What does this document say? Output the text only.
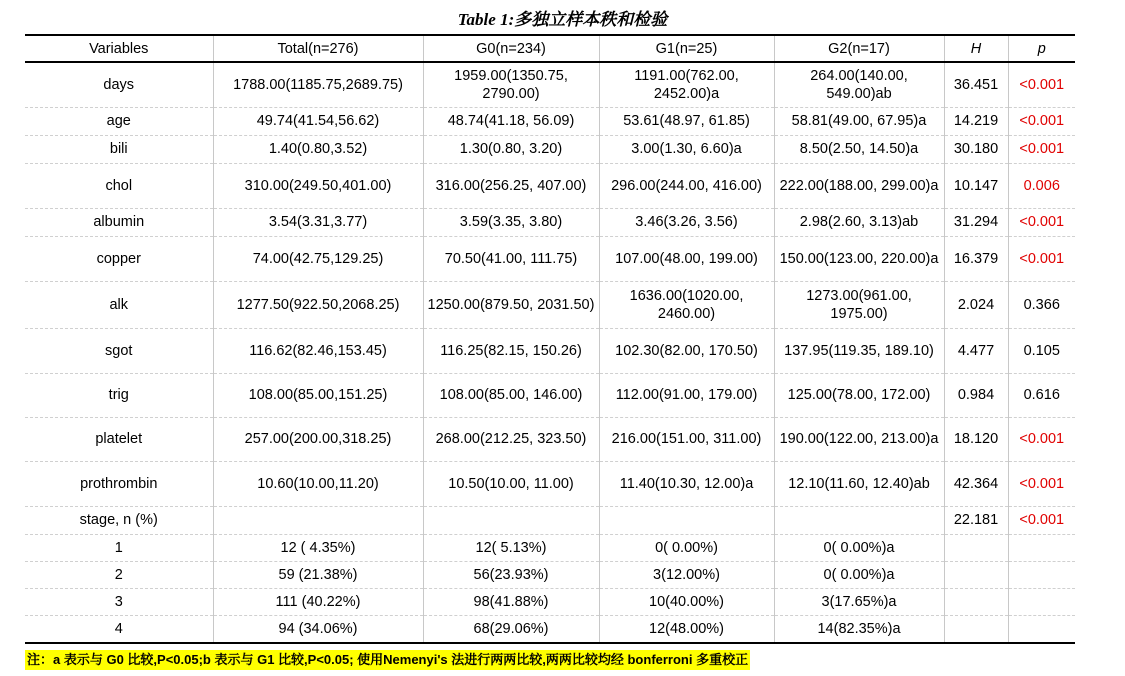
Table 1:多独立样本秩和检验
Variables	Total(n=276)	G0(n=234)	G1(n=25)	G2(n=17)	H	p
days	1788.00(1185.75,2689.75)	1959.00(1350.75, 2790.00)	1191.00(762.00, 2452.00)a	264.00(140.00, 549.00)ab	36.451	<0.001
age	49.74(41.54,56.62)	48.74(41.18, 56.09)	53.61(48.97, 61.85)	58.81(49.00, 67.95)a	14.219	<0.001
bili	1.40(0.80,3.52)	1.30(0.80, 3.20)	3.00(1.30, 6.60)a	8.50(2.50, 14.50)a	30.180	<0.001
chol	310.00(249.50,401.00)	316.00(256.25, 407.00)	296.00(244.00, 416.00)	222.00(188.00, 299.00)a	10.147	0.006
albumin	3.54(3.31,3.77)	3.59(3.35, 3.80)	3.46(3.26, 3.56)	2.98(2.60, 3.13)ab	31.294	<0.001
copper	74.00(42.75,129.25)	70.50(41.00, 111.75)	107.00(48.00, 199.00)	150.00(123.00, 220.00)a	16.379	<0.001
alk	1277.50(922.50,2068.25)	1250.00(879.50, 2031.50)	1636.00(1020.00, 2460.00)	1273.00(961.00, 1975.00)	2.024	0.366
sgot	116.62(82.46,153.45)	116.25(82.15, 150.26)	102.30(82.00, 170.50)	137.95(119.35, 189.10)	4.477	0.105
trig	108.00(85.00,151.25)	108.00(85.00, 146.00)	112.00(91.00, 179.00)	125.00(78.00, 172.00)	0.984	0.616
platelet	257.00(200.00,318.25)	268.00(212.25, 323.50)	216.00(151.00, 311.00)	190.00(122.00, 213.00)a	18.120	<0.001
prothrombin	10.60(10.00,11.20)	10.50(10.00, 11.00)	11.40(10.30, 12.00)a	12.10(11.60, 12.40)ab	42.364	<0.001
stage, n (%)					22.181	<0.001
1	12 ( 4.35%)	12( 5.13%)	0( 0.00%)	0( 0.00%)a		
2	59 (21.38%)	56(23.93%)	3(12.00%)	0( 0.00%)a		
3	111 (40.22%)	98(41.88%)	10(40.00%)	3(17.65%)a		
4	94 (34.06%)	68(29.06%)	12(48.00%)	14(82.35%)a		
注：a 表示与 G0 比较,P<0.05;b 表示与 G1 比较,P<0.05; 使用Nemenyi's 法进行两两比较,两两比较均经 bonferroni 多重校正
